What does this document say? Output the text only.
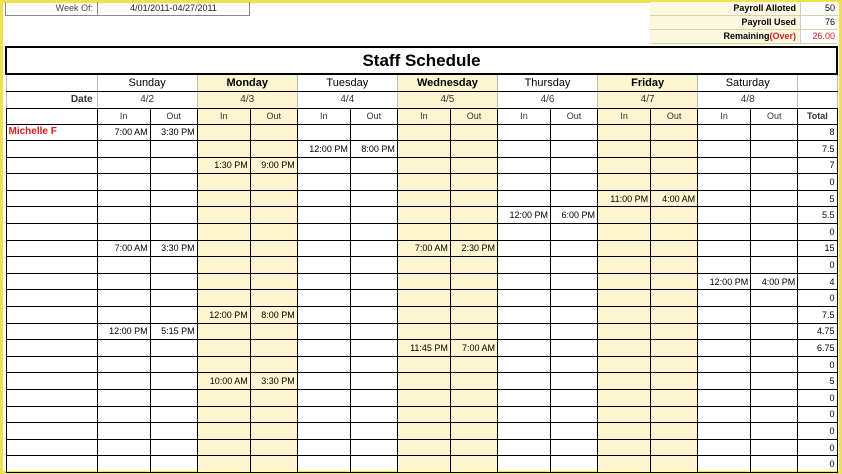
Week Of:	4/01/2011-04/27/2011	Payroll Alloted	50
Payroll Used	76
Remaining(Over)	26.00
Staff Schedule															
	Sunday		Monday		Tuesday		Wednesday		Thursday		Friday		Saturday		
Date	4/2		4/3		4/4		4/5		4/6		4/7		4/8		
	In	Out	In	Out	In	Out	In	Out	In	Out	In	Out	In	Out	Total
Michelle F	7:00 AM	3:30 PM													8
					12:00 PM	8:00 PM									7.5
			1:30 PM	9:00 PM											7
															0
											11:00 PM	4:00 AM			5
									12:00 PM	6:00 PM					5.5
															0
	7:00 AM	3:30 PM					7:00 AM	2:30 PM							15
															0
													12:00 PM	4:00 PM	4
															0
			12:00 PM	8:00 PM											7.5
	12:00 PM	5:15 PM													4.75
							11:45 PM	7:00 AM							6.75
															0
			10:00 AM	3:30 PM											5
															0
															0
															0
															0
															0
